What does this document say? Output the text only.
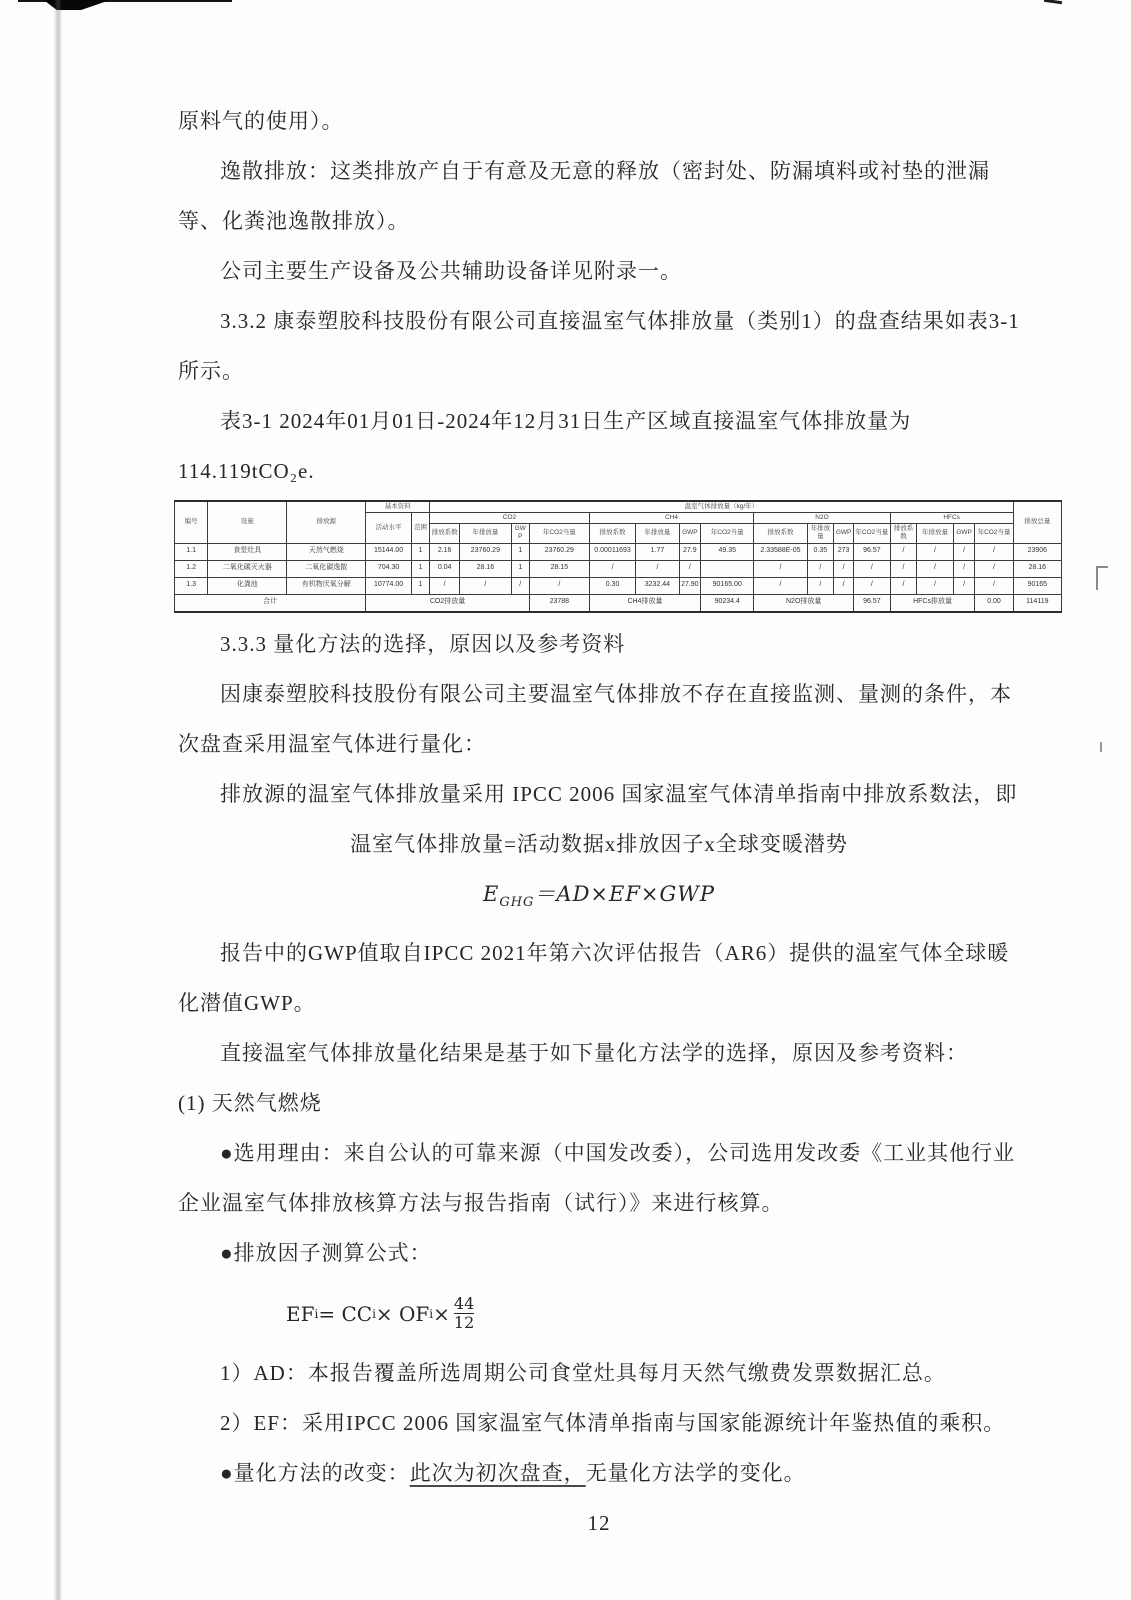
原料气的使用）。

逸散排放：这类排放产自于有意及无意的释放（密封处、防漏填料或衬垫的泄漏等、化粪池逸散排放）。

公司主要生产设备及公共辅助设备详见附录一。

3.3.2 康泰塑胶科技股份有限公司直接温室气体排放量（类别1）的盘查结果如表3-1所示。

表3-1 2024年01月01日-2024年12月31日生产区域直接温室气体排放量为114.119tCO₂e.

编号	设施	排放源	基本资料		温室气体排放量（kg/年）																排放总量
			活动水平	范围	CO2				CH4				N2O				HFCs				
					排放系数	年排放量	GWP	年CO2当量	排放系数	年排放量	GWP	年CO2当量	排放系数	年排放量	GWP	年CO2当量	排放系数	年排放量	GWP	年CO2当量	
1.1	食堂灶具	天然气燃烧	15144.00	1	2.16	23760.29	1	23760.29	0.00011693	1.77	27.9	49.35	2.33588E-05	0.35	273	96.57	/	/	/	/	23906
1.2	二氧化碳灭火器	二氧化碳逸散	704.30	1	0.04	28.16	1	28.15	/	/	/		/	/	/	/	/	/	/	/	28.16
1.3	化粪池	有机物厌氧分解	10774.00	1	/	/	/	/	0.30	3232.44	27.90	90165.00	/	/	/	/	/	/	/	/	90165
合计			CO2排放量					23788	CH4排放量			90234.4	N2O排放量			96.57	HFCs排放量			0.00	114119
3.3.3 量化方法的选择，原因以及参考资料

因康泰塑胶科技股份有限公司主要温室气体排放不存在直接监测、量测的条件，本次盘查采用温室气体进行量化：

排放源的温室气体排放量采用 IPCC 2006 国家温室气体清单指南中排放系数法，即

温室气体排放量=活动数据x排放因子x全球变暖潜势

$E_{GHG}=AD\times EF\times GWP$

报告中的GWP值取自IPCC 2021年第六次评估报告（AR6）提供的温室气体全球暖化潜值GWP。

直接温室气体排放量化结果是基于如下量化方法学的选择，原因及参考资料：

(1) 天然气燃烧

●选用理由：来自公认的可靠来源（中国发改委），公司选用发改委《工业其他行业企业温室气体排放核算方法与报告指南（试行）》来进行核算。

●排放因子测算公式：

EF i = CC i × OF $i \times \frac{44}{12}$

1）AD：本报告覆盖所选周期公司食堂灶具每月天然气缴费发票数据汇总。

2）EF：采用IPCC 2006 国家温室气体清单指南与国家能源统计年鉴热值的乘积。

●量化方法的改变：此次为初次盘查，无量化方法学的变化。

12
